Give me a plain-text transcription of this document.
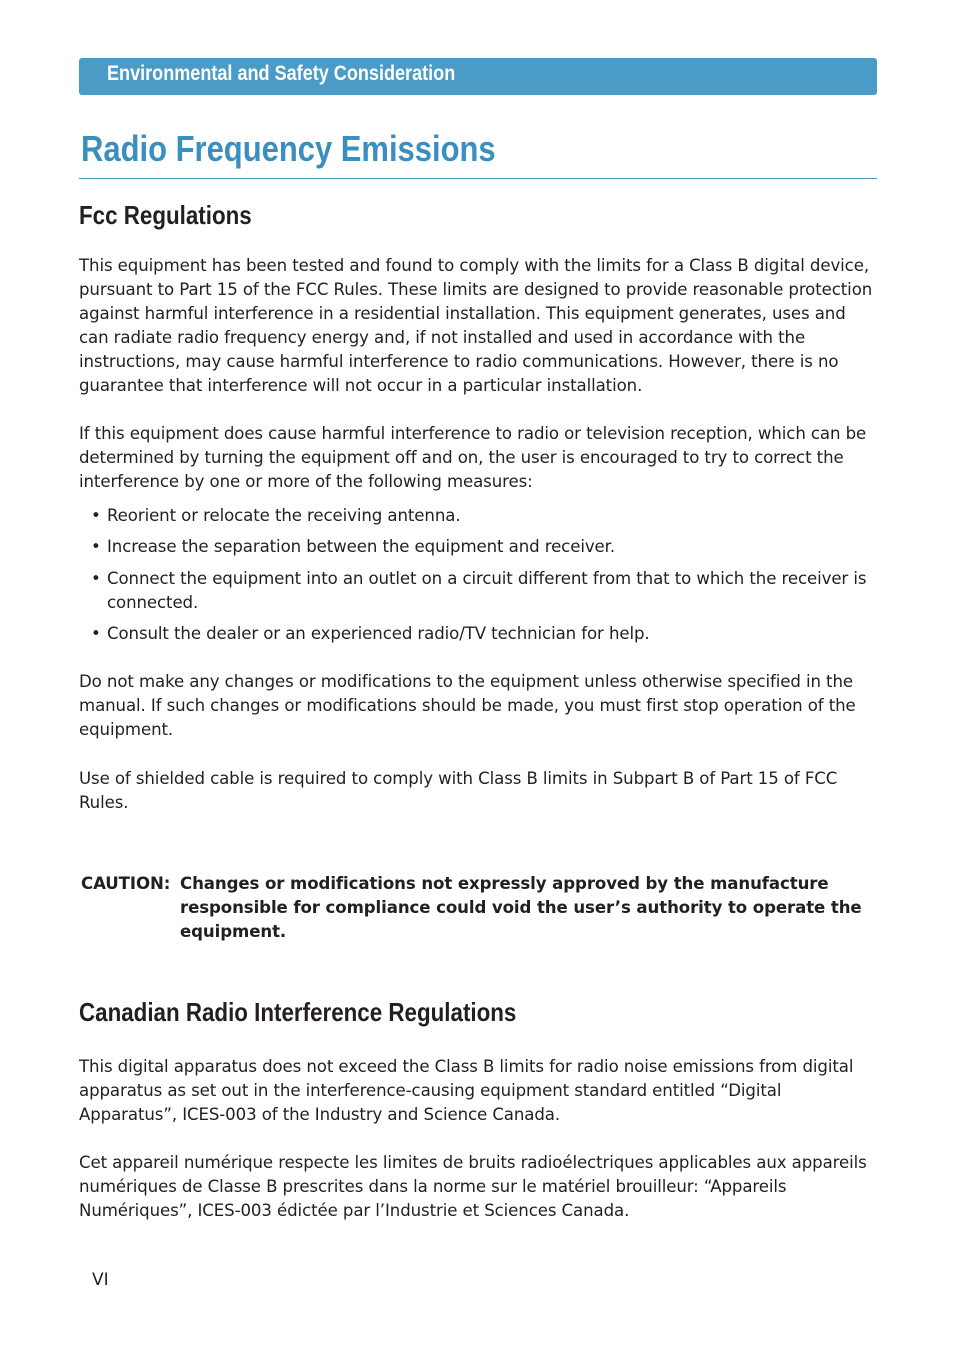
Environmental and Safety Consideration
Radio Frequency Emissions
Fcc Regulations

This equipment has been tested and found to comply with the limits for a Class B digital device, pursuant to Part 15 of the FCC Rules. These limits are designed to provide reasonable protection against harmful interference in a residential installation. This equipment generates, uses and can radiate radio frequency energy and, if not installed and used in accordance with the instructions, may cause harmful interference to radio communications. However, there is no guarantee that interference will not occur in a particular installation.

If this equipment does cause harmful interference to radio or television reception, which can be determined by turning the equipment off and on, the user is encouraged to try to correct the interference by one or more of the following measures:

• Reorient or relocate the receiving antenna.
• Increase the separation between the equipment and receiver.
• Connect the equipment into an outlet on a circuit different from that to which the receiver is connected.
• Consult the dealer or an experienced radio/TV technician for help.

Do not make any changes or modifications to the equipment unless otherwise specified in the manual. If such changes or modifications should be made, you must first stop operation of the equipment.

Use of shielded cable is required to comply with Class B limits in Subpart B of Part 15 of FCC Rules.

CAUTION: Changes or modifications not expressly approved by the manufacture responsible for compliance could void the user’s authority to operate the equipment.
Canadian Radio Interference Regulations

This digital apparatus does not exceed the Class B limits for radio noise emissions from digital apparatus as set out in the interference-causing equipment standard entitled “Digital Apparatus”, ICES-003 of the Industry and Science Canada.

Cet appareil numérique respecte les limites de bruits radioélectriques applicables aux appareils numériques de Classe B prescrites dans la norme sur le matériel brouilleur: “Appareils Numériques”, ICES-003 édictée par l’Industrie et Sciences Canada.

VI
